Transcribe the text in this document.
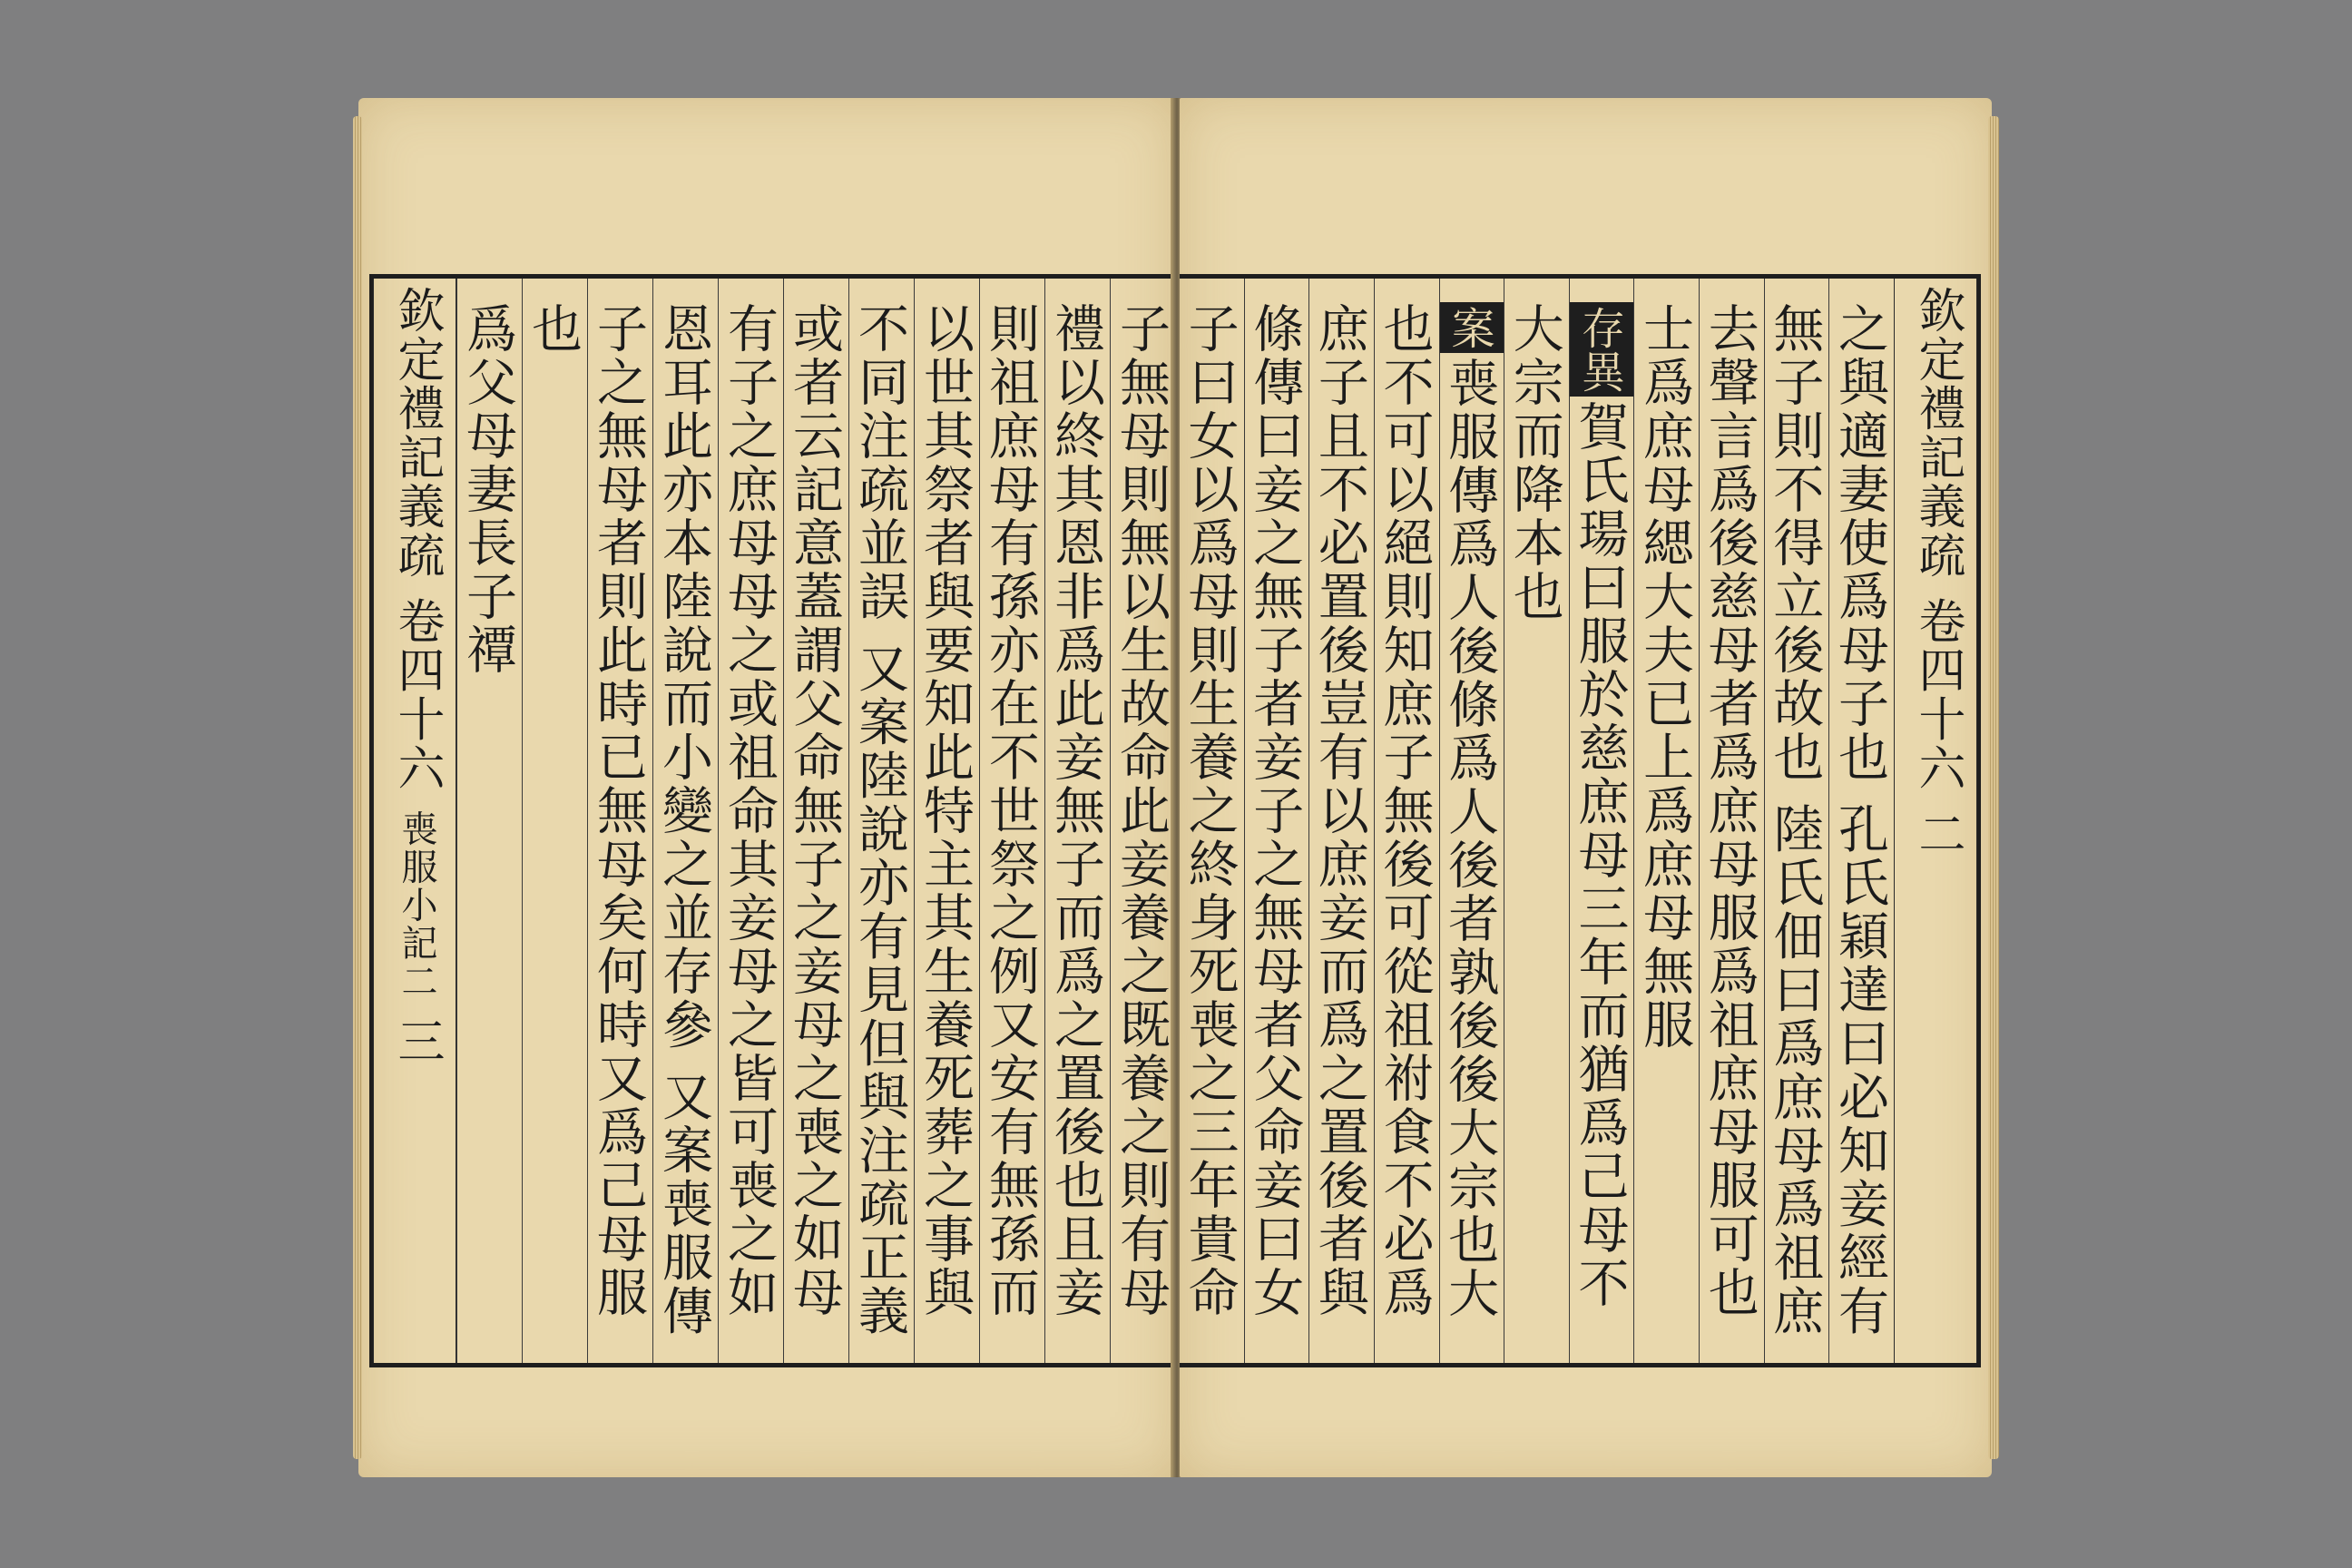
子無母則無以生故命此妾養之既養之則有母
禮以終其恩非爲此妾無子而爲之置後也且妾
則祖庶母有孫亦在不世祭之例又安有無孫而
以世其祭者與要知此特主其生養死葬之事與
不同注疏並誤 又案陸說亦有見但與注疏正義
或者云記意蓋謂父命無子之妾母之喪之如母
有子之庶母母之或祖命其妾母之皆可喪之如
恩耳此亦本陸說而小變之並存參 又案喪服傳
子之無母者則此時已無母矣何時又爲己母服
也
爲父母妻長子禫
欽定禮記義疏 卷四十六 喪服小記二 三
欽定禮記義疏 卷四十六 二
之與適妻使爲母子也 孔氏穎達曰必知妾經有
無子則不得立後故也 陸氏佃曰爲庶母爲祖庶
去聲言爲後慈母者爲庶母服爲祖庶母服可也
士爲庶母緦大夫已上爲庶母無服
存異賀氏瑒曰服於慈庶母三年而猶爲己母不
大宗而降本也
案喪服傳爲人後條爲人後者孰後後大宗也大
也不可以絕則知庶子無後可從祖祔食不必爲
庶子且不必置後豈有以庶妾而爲之置後者與
條傳曰妾之無子者妾子之無母者父命妾曰女
子曰女以爲母則生養之終身死喪之三年貴命
